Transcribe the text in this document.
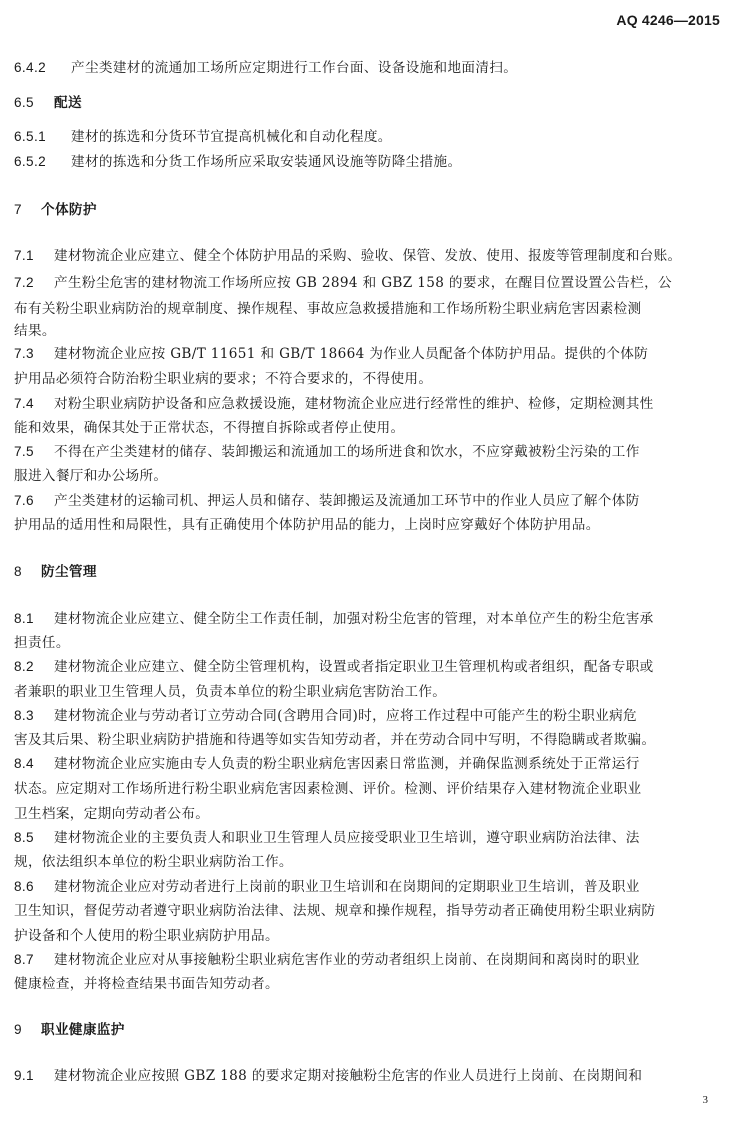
AQ 4246—2015
6.4.2 产尘类建材的流通加工场所应定期进行工作台面、设备设施和地面清扫。
6.5 配送
6.5.1 建材的拣选和分货环节宜提高机械化和自动化程度。
6.5.2 建材的拣选和分货工作场所应采取安装通风设施等防降尘措施。
7 个体防护
7.1 建材物流企业应建立、健全个体防护用品的采购、验收、保管、发放、使用、报废等管理制度和台账。
7.2 产生粉尘危害的建材物流工作场所应按 GB 2894 和 GBZ 158 的要求，在醒目位置设置公告栏，公
布有关粉尘职业病防治的规章制度、操作规程、事故应急救援措施和工作场所粉尘职业病危害因素检测
结果。
7.3 建材物流企业应按 GB/T 11651 和 GB/T 18664 为作业人员配备个体防护用品。提供的个体防
护用品必须符合防治粉尘职业病的要求；不符合要求的，不得使用。
7.4 对粉尘职业病防护设备和应急救援设施，建材物流企业应进行经常性的维护、检修，定期检测其性
能和效果，确保其处于正常状态，不得擅自拆除或者停止使用。
7.5 不得在产尘类建材的储存、装卸搬运和流通加工的场所进食和饮水，不应穿戴被粉尘污染的工作
服进入餐厅和办公场所。
7.6 产尘类建材的运输司机、押运人员和储存、装卸搬运及流通加工环节中的作业人员应了解个体防
护用品的适用性和局限性，具有正确使用个体防护用品的能力，上岗时应穿戴好个体防护用品。
8 防尘管理
8.1 建材物流企业应建立、健全防尘工作责任制，加强对粉尘危害的管理，对本单位产生的粉尘危害承
担责任。
8.2 建材物流企业应建立、健全防尘管理机构，设置或者指定职业卫生管理机构或者组织，配备专职或
者兼职的职业卫生管理人员，负责本单位的粉尘职业病危害防治工作。
8.3 建材物流企业与劳动者订立劳动合同(含聘用合同)时，应将工作过程中可能产生的粉尘职业病危
害及其后果、粉尘职业病防护措施和待遇等如实告知劳动者，并在劳动合同中写明，不得隐瞒或者欺骗。
8.4 建材物流企业应实施由专人负责的粉尘职业病危害因素日常监测，并确保监测系统处于正常运行
状态。应定期对工作场所进行粉尘职业病危害因素检测、评价。检测、评价结果存入建材物流企业职业
卫生档案，定期向劳动者公布。
8.5 建材物流企业的主要负责人和职业卫生管理人员应接受职业卫生培训，遵守职业病防治法律、法
规，依法组织本单位的粉尘职业病防治工作。
8.6 建材物流企业应对劳动者进行上岗前的职业卫生培训和在岗期间的定期职业卫生培训，普及职业
卫生知识，督促劳动者遵守职业病防治法律、法规、规章和操作规程，指导劳动者正确使用粉尘职业病防
护设备和个人使用的粉尘职业病防护用品。
8.7 建材物流企业应对从事接触粉尘职业病危害作业的劳动者组织上岗前、在岗期间和离岗时的职业
健康检查，并将检查结果书面告知劳动者。
9 职业健康监护
9.1 建材物流企业应按照 GBZ 188 的要求定期对接触粉尘危害的作业人员进行上岗前、在岗期间和
3
